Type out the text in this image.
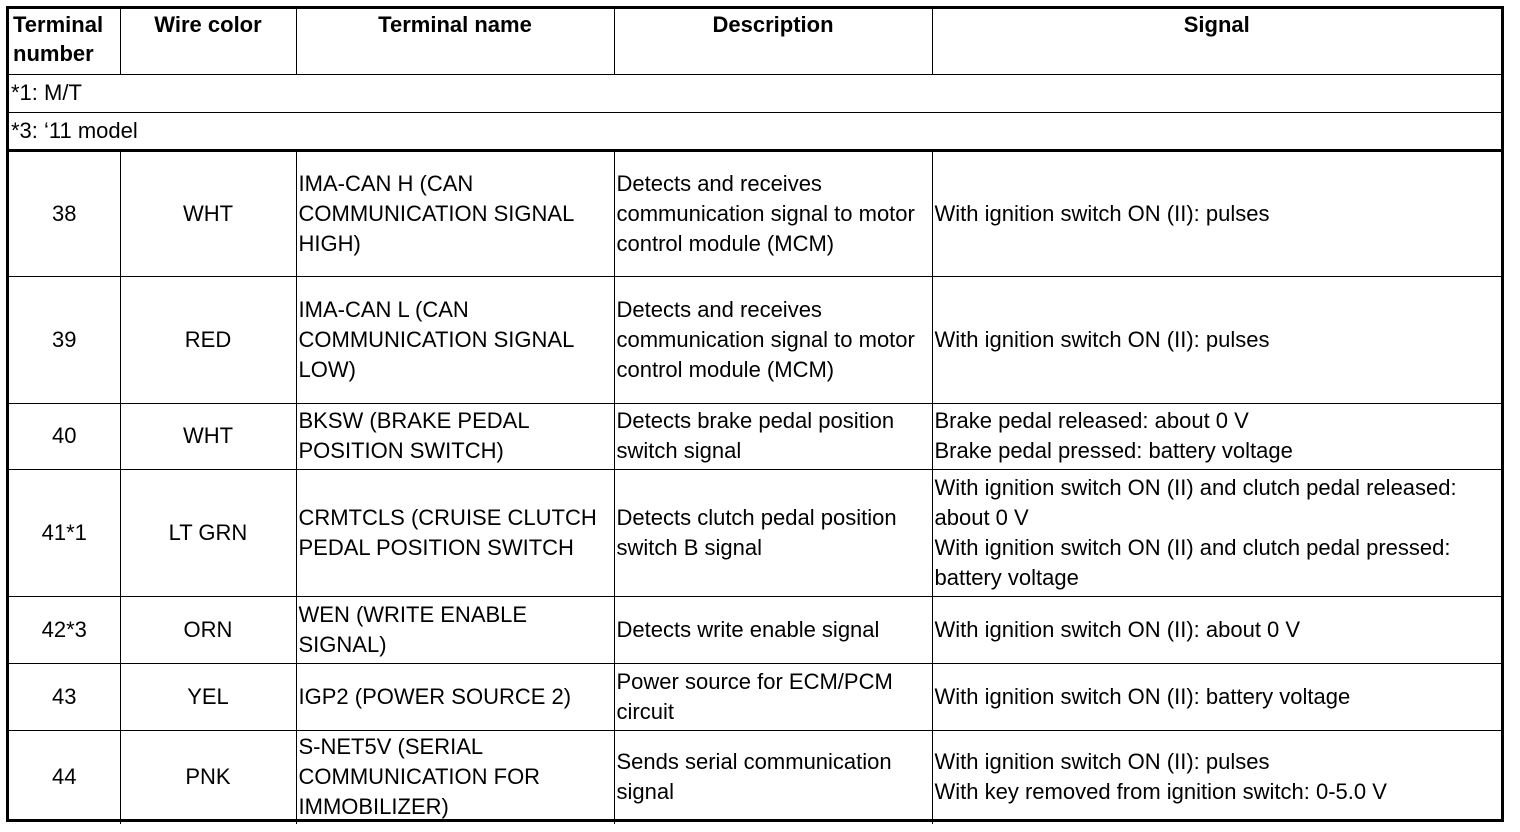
Terminal number	Wire color	Terminal name	Description	Signal
*1: M/T				
*3: ‘11 model				
38	WHT	IMA-CAN H (CAN COMMUNICATION SIGNAL HIGH)	Detects and receives communication signal to motor control module (MCM)	With ignition switch ON (II): pulses

39	RED	IMA-CAN L (CAN COMMUNICATION SIGNAL LOW)	Detects and receives communication signal to motor control module (MCM)	With ignition switch ON (II): pulses

40	WHT	BKSW (BRAKE PEDAL POSITION SWITCH)	Detects brake pedal position switch signal	Brake pedal released: about 0 V
Brake pedal pressed: battery voltage

41*1	LT GRN	CRMTCLS (CRUISE CLUTCH PEDAL POSITION SWITCH	Detects clutch pedal position switch B signal	With ignition switch ON (II) and clutch pedal released: about 0 V
With ignition switch ON (II) and clutch pedal pressed: battery voltage

42*3	ORN	WEN (WRITE ENABLE SIGNAL)	Detects write enable signal	With ignition switch ON (II): about 0 V

43	YEL	IGP2 (POWER SOURCE 2)	Power source for ECM/PCM circuit	With ignition switch ON (II): battery voltage

44	PNK	S-NET5V (SERIAL COMMUNICATION FOR IMMOBILIZER)	Sends serial communication signal	With ignition switch ON (II): pulses
With key removed from ignition switch: 0-5.0 V
